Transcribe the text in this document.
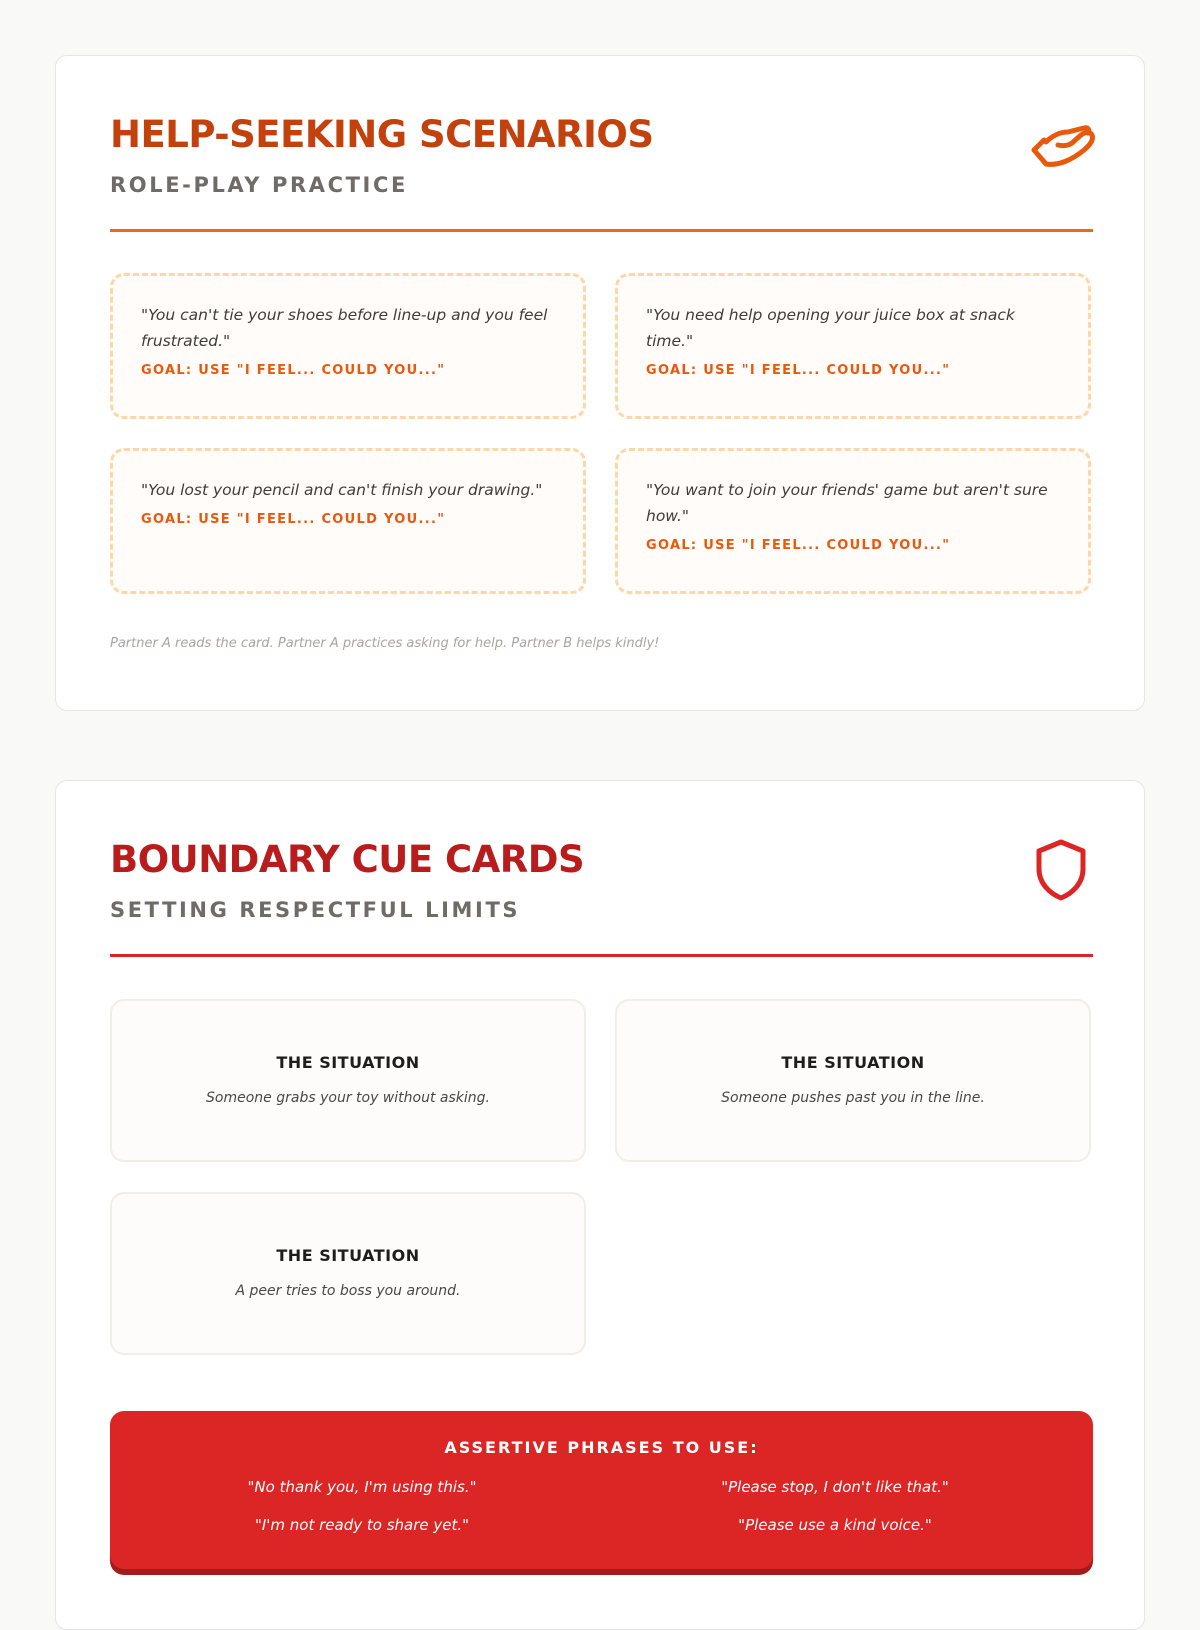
HELP-SEEKING SCENARIOS
ROLE-PLAY PRACTICE

"You can't tie your shoes before line-up and you feel frustrated."

GOAL: USE "I FEEL... COULD YOU..."

"You need help opening your juice box at snack time."

GOAL: USE "I FEEL... COULD YOU..."

"You lost your pencil and can't finish your drawing."

GOAL: USE "I FEEL... COULD YOU..."

"You want to join your friends' game but aren't sure how."

GOAL: USE "I FEEL... COULD YOU..."

Partner A reads the card. Partner A practices asking for help. Partner B helps kindly!

BOUNDARY CUE CARDS
SETTING RESPECTFUL LIMITS

THE SITUATION

Someone grabs your toy without asking.

THE SITUATION

Someone pushes past you in the line.

THE SITUATION

A peer tries to boss you around.

ASSERTIVE PHRASES TO USE:

"No thank you, I'm using this."	"Please stop, I don't like that."

"I'm not ready to share yet."	"Please use a kind voice."
